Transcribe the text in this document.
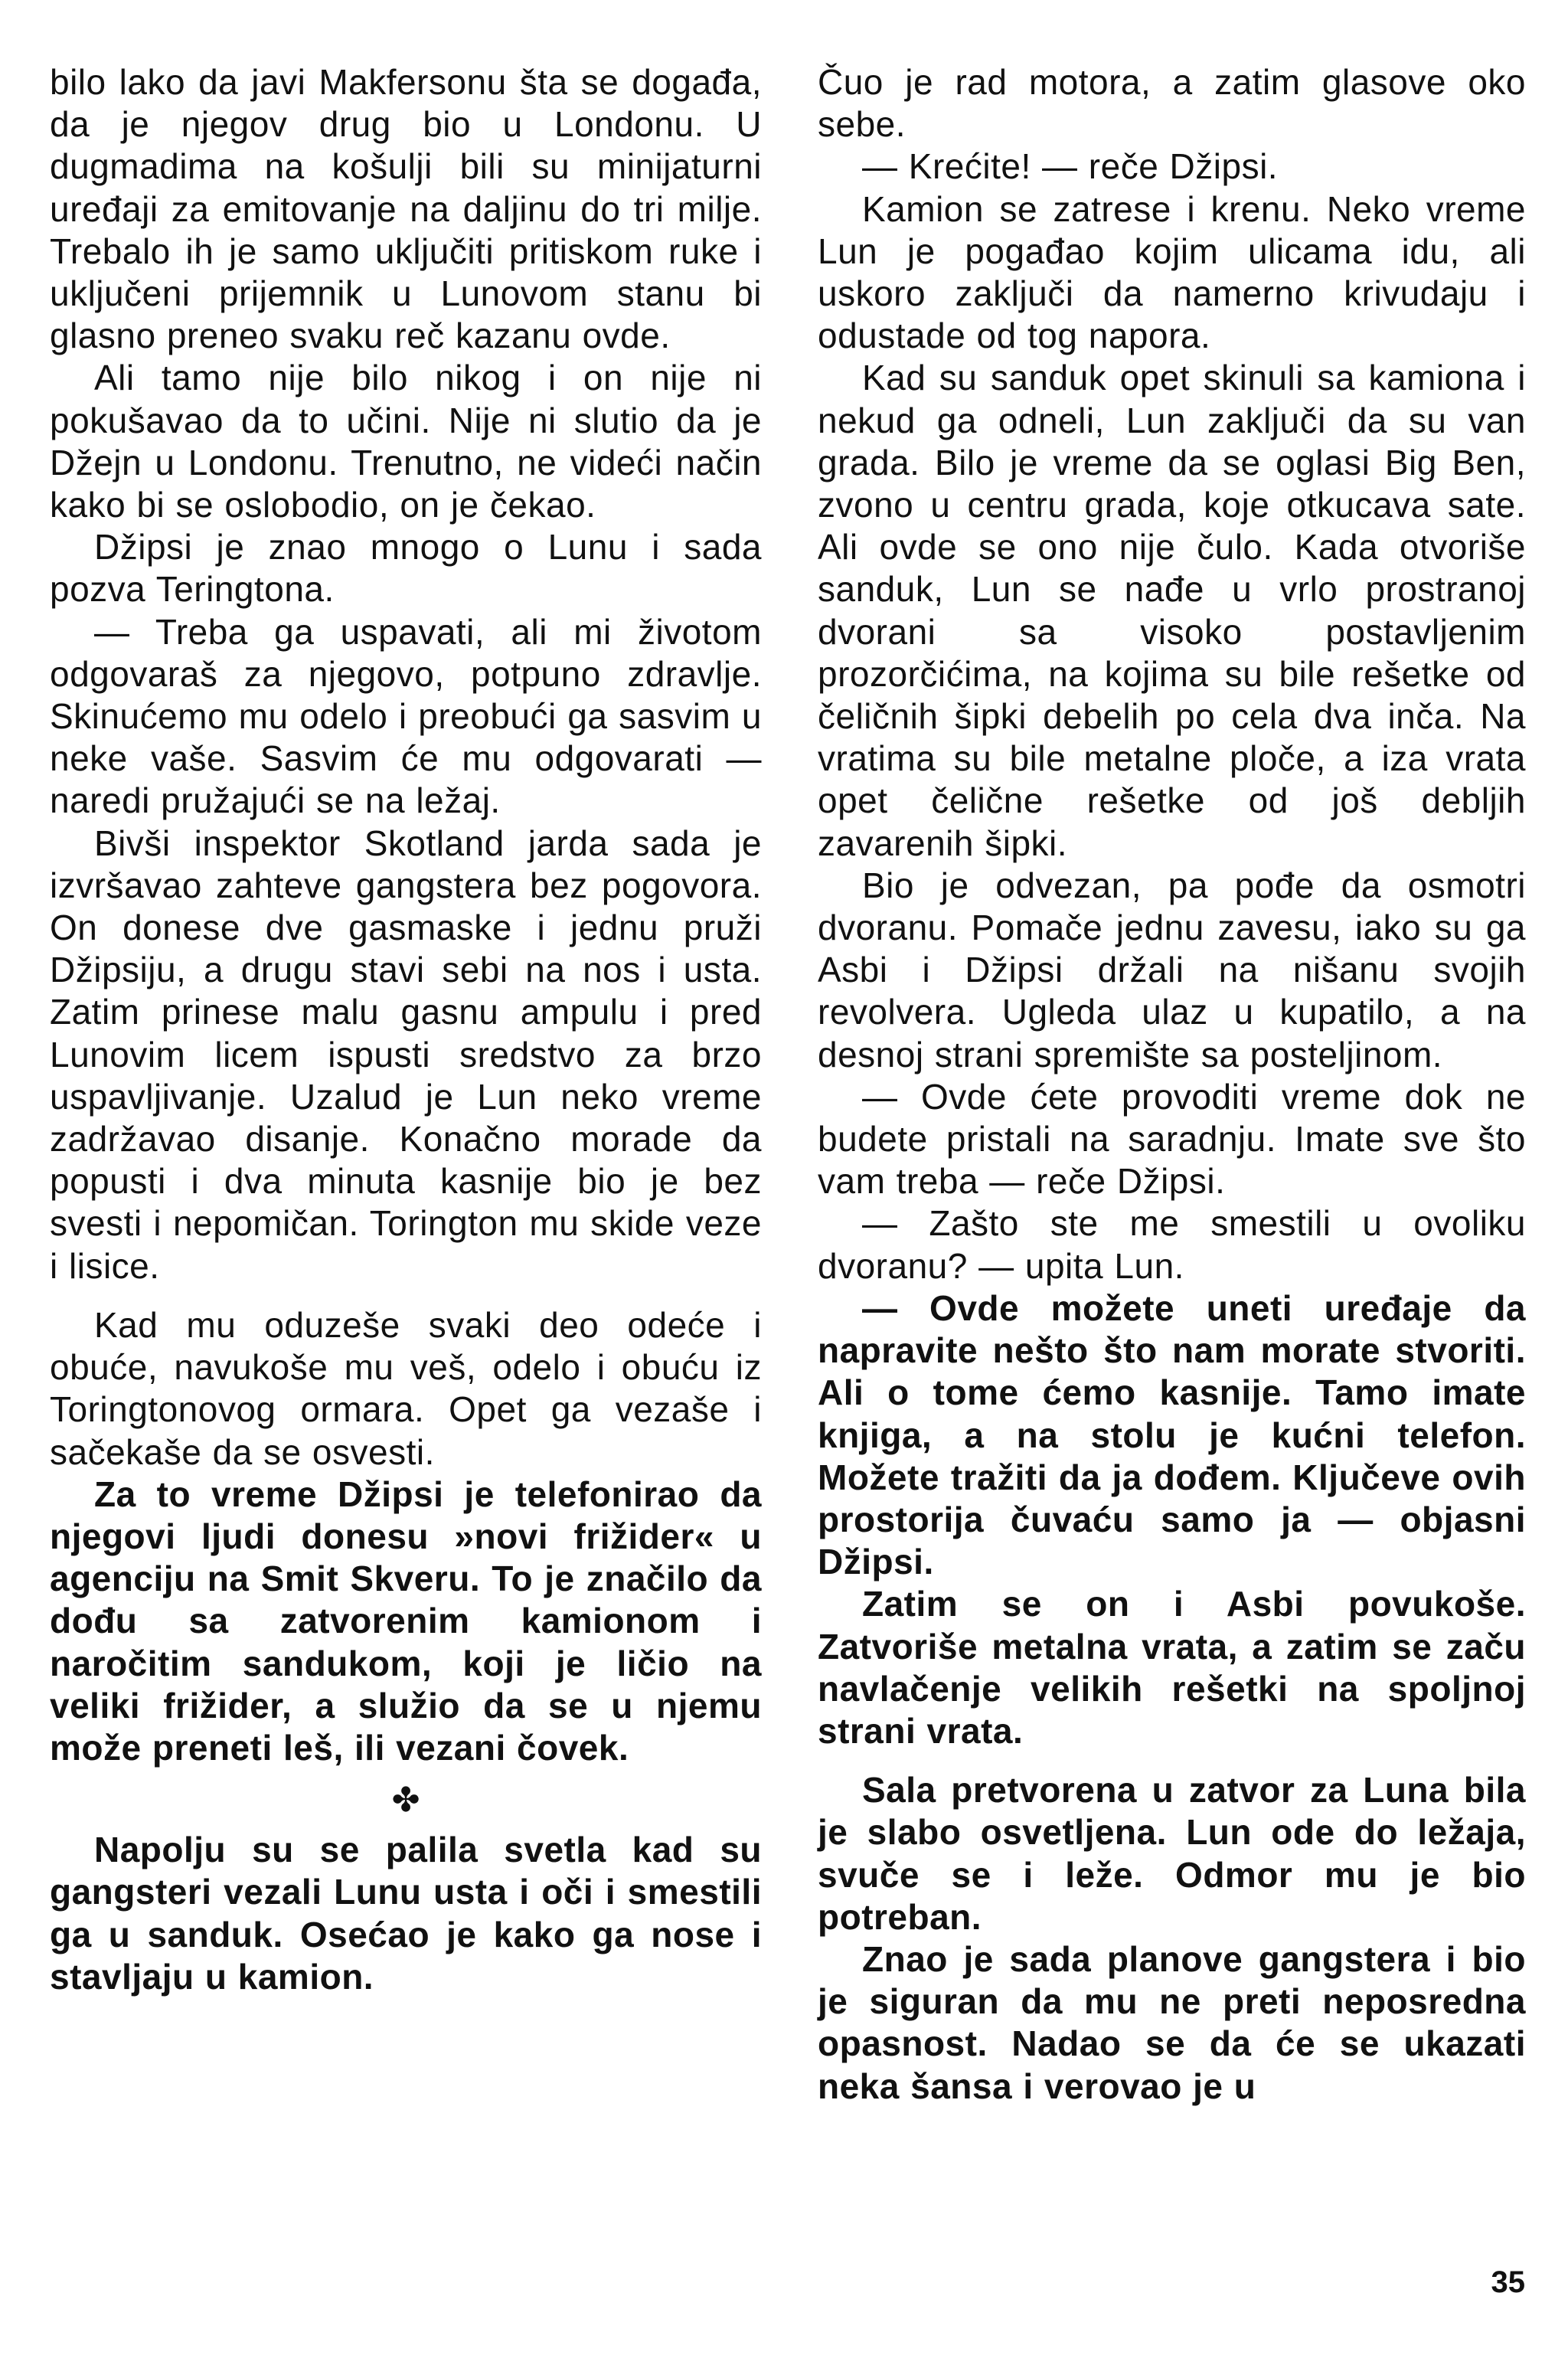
bilo lako da javi Makfersonu šta se događa, da je njegov drug bio u Londonu. U dugmadima na košulji bili su minijaturni uređaji za emitovanje na daljinu do tri milje. Trebalo ih je samo uključiti pritiskom ruke i uključeni prijemnik u Lunovom stanu bi glasno preneo svaku reč kazanu ovde.

Ali tamo nije bilo nikog i on nije ni pokušavao da to učini. Nije ni slutio da je Džejn u Londonu. Trenutno, ne videći način kako bi se oslobodio, on je čekao.

Džipsi je znao mnogo o Lunu i sada pozva Teringtona.

— Treba ga uspavati, ali mi životom odgovaraš za njegovo, potpuno zdravlje. Skinućemo mu odelo i preobući ga sasvim u neke vaše. Sasvim će mu odgovarati — naredi pružajući se na ležaj.

Bivši inspektor Skotland jarda sada je izvršavao zahteve gangstera bez pogovora. On donese dve gasmaske i jednu pruži Džipsiju, a drugu stavi sebi na nos i usta. Zatim prinese malu gasnu ampulu i pred Lunovim licem ispusti sredstvo za brzo uspavljivanje. Uzalud je Lun neko vreme zadržavao disanje. Konačno morade da popusti i dva minuta kasnije bio je bez svesti i nepomičan. Torington mu skide veze i lisice.

Kad mu oduzeše svaki deo odeće i obuće, navukoše mu veš, odelo i obuću iz Toringtonovog ormara. Opet ga vezaše i sačekaše da se osvesti.

Za to vreme Džipsi je telefonirao da njegovi ljudi donesu »novi frižider« u agenciju na Smit Skveru. To je značilo da dođu sa zatvorenim kamionom i naročitim sandukom, koji je ličio na veliki frižider, a služio da se u njemu može preneti leš, ili vezani čovek.

✤

Napolju su se palila svetla kad su gangsteri vezali Lunu usta i oči i smestili ga u sanduk. Osećao je kako ga nose i stavljaju u kamion.

Čuo je rad motora, a zatim glasove oko sebe.

— Krećite! — reče Džipsi.

Kamion se zatrese i krenu. Neko vreme Lun je pogađao kojim ulicama idu, ali uskoro zaključi da namerno krivudaju i odustade od tog napora.

Kad su sanduk opet skinuli sa kamiona i nekud ga odneli, Lun zaključi da su van grada. Bilo je vreme da se oglasi Big Ben, zvono u centru grada, koje otkucava sate. Ali ovde se ono nije čulo. Kada otvoriše sanduk, Lun se nađe u vrlo prostranoj dvorani sa visoko postavljenim prozorčićima, na kojima su bile rešetke od čeličnih šipki debelih po cela dva inča. Na vratima su bile metalne ploče, a iza vrata opet čelične rešetke od još debljih zavarenih šipki.

Bio je odvezan, pa pođe da osmotri dvoranu. Pomače jednu zavesu, iako su ga Asbi i Džipsi držali na nišanu svojih revolvera. Ugleda ulaz u kupatilo, a na desnoj strani spremište sa posteljinom.

— Ovde ćete provoditi vreme dok ne budete pristali na saradnju. Imate sve što vam treba — reče Džipsi.

— Zašto ste me smestili u ovoliku dvoranu? — upita Lun.

— Ovde možete uneti uređaje da napravite nešto što nam morate stvoriti. Ali o tome ćemo kasnije. Tamo imate knjiga, a na stolu je kućni telefon. Možete tražiti da ja dođem. Ključeve ovih prostorija čuvaću samo ja — objasni Džipsi.

Zatim se on i Asbi povukoše. Zatvoriše metalna vrata, a zatim se začu navlačenje velikih rešetki na spoljnoj strani vrata.

Sala pretvorena u zatvor za Luna bila je slabo osvetljena. Lun ode do ležaja, svuče se i leže. Odmor mu je bio potreban.

Znao je sada planove gangstera i bio je siguran da mu ne preti neposredna opasnost. Nadao se da će se ukazati neka šansa i verovao je u

35
